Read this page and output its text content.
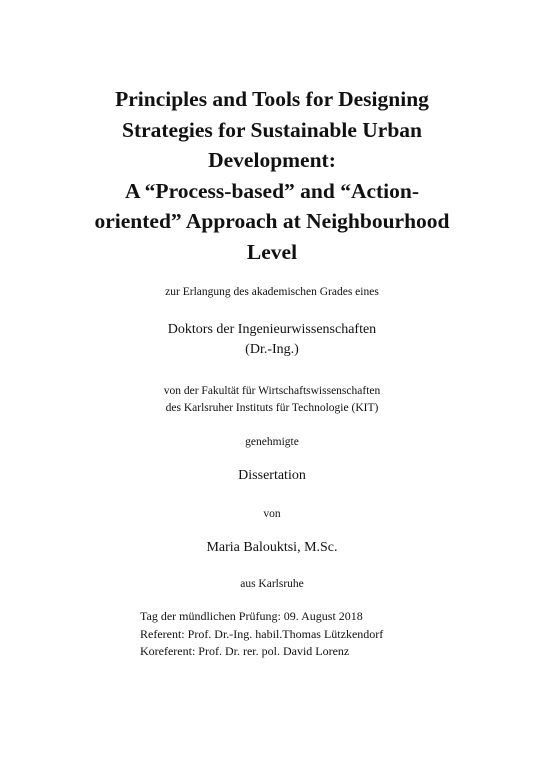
Principles and Tools for Designing
Strategies for Sustainable Urban
Development:
A “Process-based” and “Action-
oriented” Approach at Neighbourhood
Level

zur Erlangung des akademischen Grades eines

Doktors der Ingenieurwissenschaften

(Dr.-Ing.)

von der Fakultät für Wirtschaftswissenschaften

des Karlsruher Instituts für Technologie (KIT)

genehmigte

Dissertation

von

Maria Balouktsi, M.Sc.

aus Karlsruhe

Tag der mündlichen Prüfung: 09. August 2018
Referent: Prof. Dr.-Ing. habil.Thomas Lützkendorf
Koreferent: Prof. Dr. rer. pol. David Lorenz
